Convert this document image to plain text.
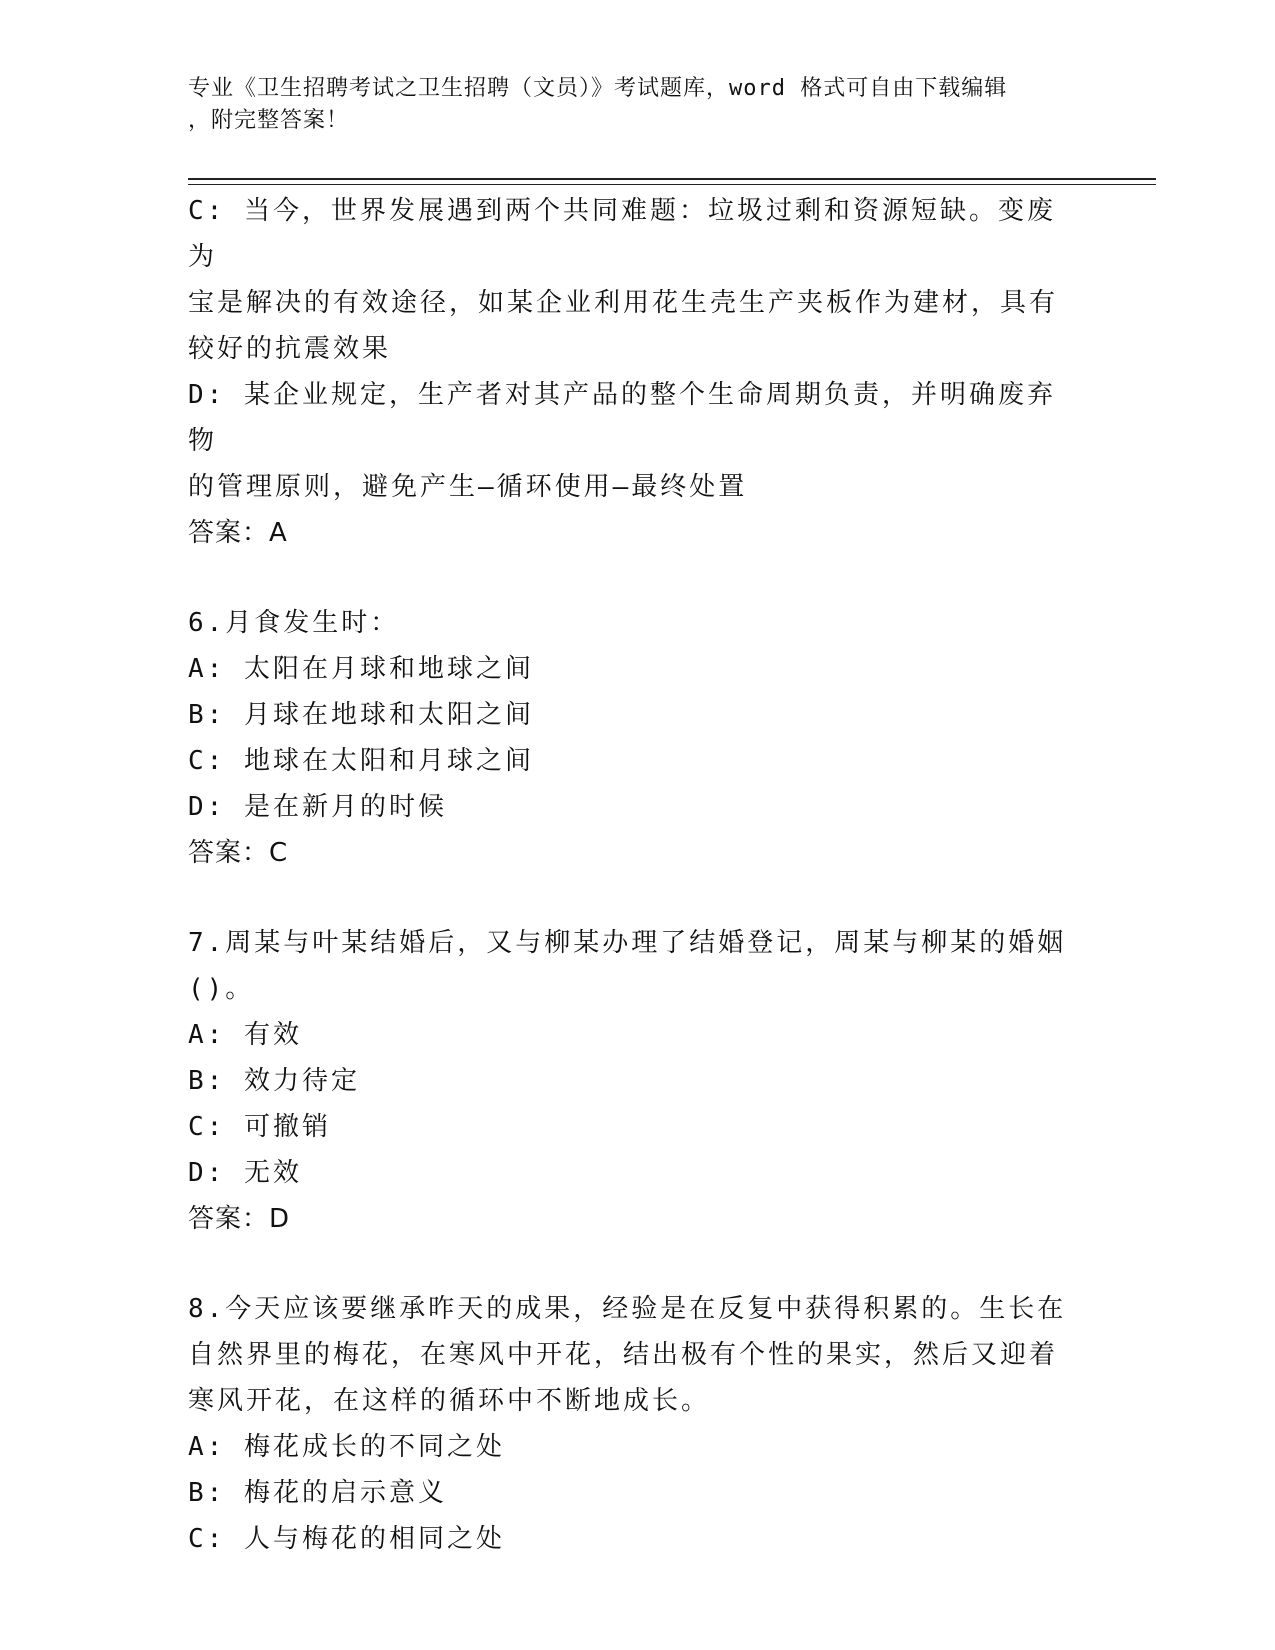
专业《卫生招聘考试之卫生招聘（文员）》考试题库，word 格式可自由下载编辑
，附完整答案！
C: 当今，世界发展遇到两个共同难题：垃圾过剩和资源短缺。变废为
宝是解决的有效途径，如某企业利用花生壳生产夹板作为建材，具有
较好的抗震效果
D: 某企业规定，生产者对其产品的整个生命周期负责，并明确废弃物
的管理原则，避免产生—循环使用—最终处置
答案：A
6.月食发生时：
A: 太阳在月球和地球之间
B: 月球在地球和太阳之间
C: 地球在太阳和月球之间
D: 是在新月的时候
答案：C
7.周某与叶某结婚后，又与柳某办理了结婚登记，周某与柳某的婚姻
()。
A: 有效
B: 效力待定
C: 可撤销
D: 无效
答案：D
8.今天应该要继承昨天的成果，经验是在反复中获得积累的。生长在
自然界里的梅花，在寒风中开花，结出极有个性的果实，然后又迎着
寒风开花，在这样的循环中不断地成长。
A: 梅花成长的不同之处
B: 梅花的启示意义
C: 人与梅花的相同之处
